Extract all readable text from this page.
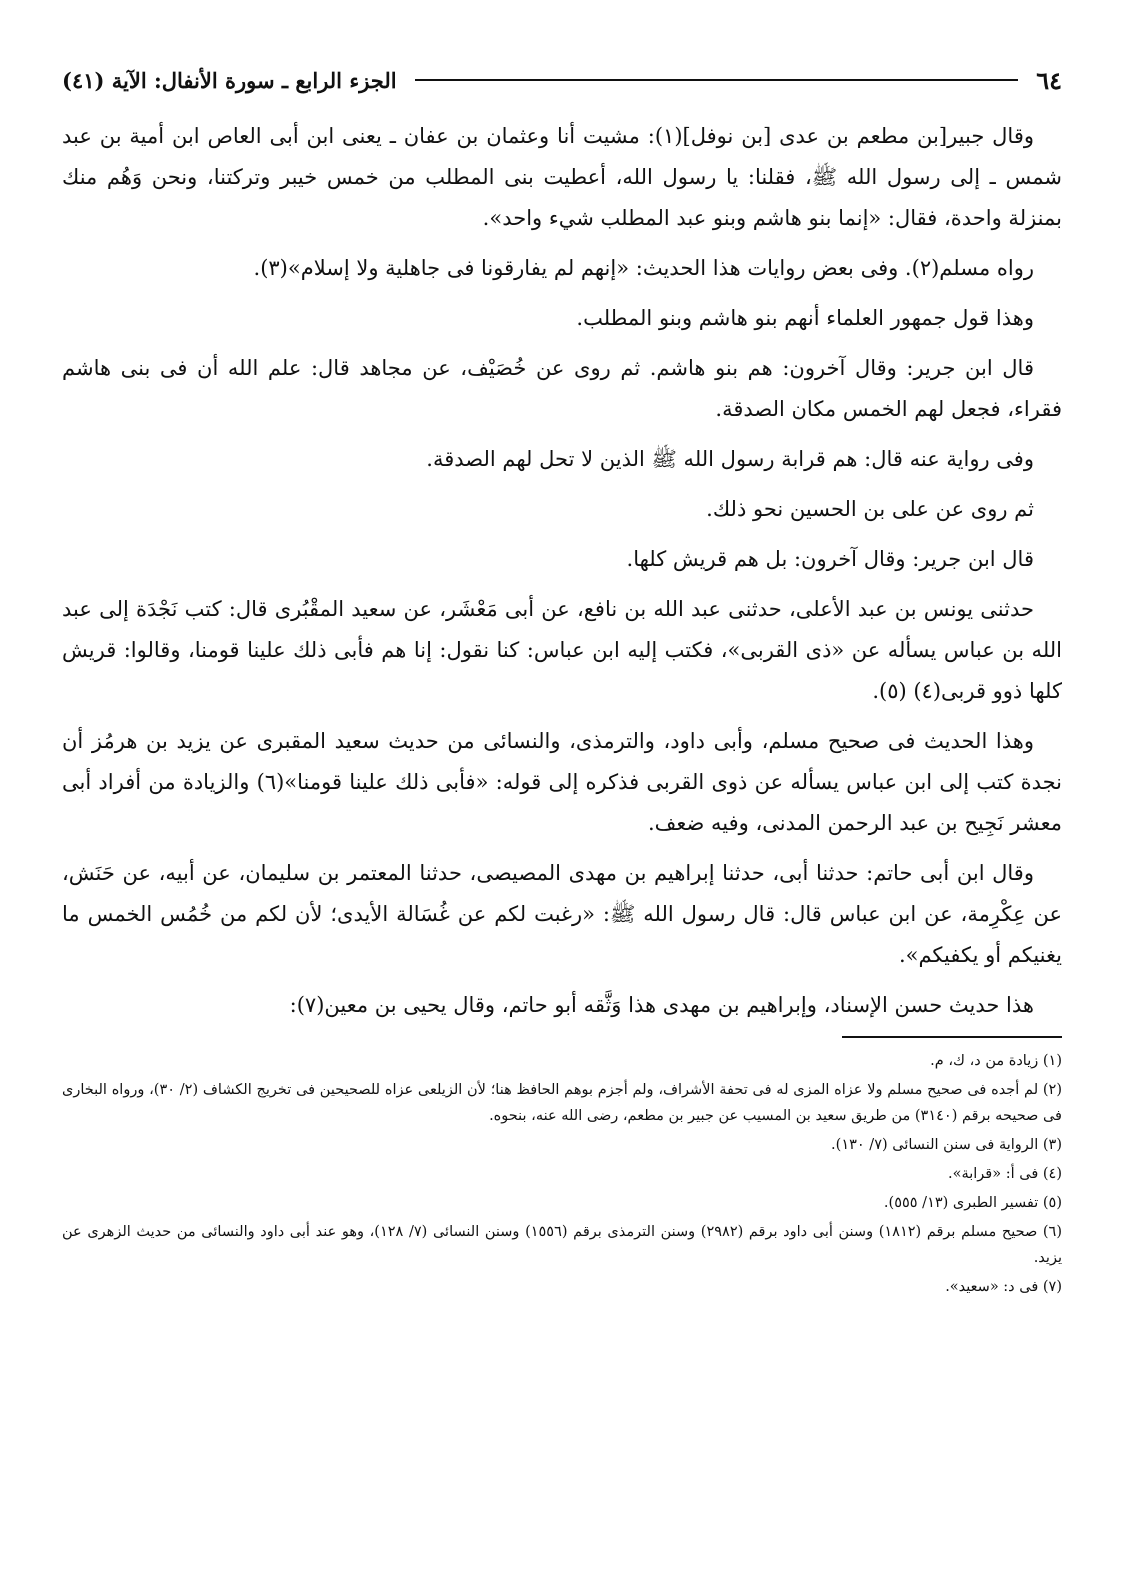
٦٤
الجزء الرابع ـ سورة الأنفال: الآية (٤١)

وقال جبير[بن مطعم بن عدى [بن نوفل](١): مشيت أنا وعثمان بن عفان ـ يعنى ابن أبى العاص ابن أمية بن عبد شمس ـ إلى رسول الله ﷺ، فقلنا: يا رسول الله، أعطيت بنى المطلب من خمس خيبر وتركتنا، ونحن وَهُم منك بمنزلة واحدة، فقال: «إنما بنو هاشم وبنو عبد المطلب شيء واحد».

رواه مسلم(٢). وفى بعض روايات هذا الحديث: «إنهم لم يفارقونا فى جاهلية ولا إسلام»(٣).

وهذا قول جمهور العلماء أنهم بنو هاشم وبنو المطلب.

قال ابن جرير: وقال آخرون: هم بنو هاشم. ثم روى عن خُصَيْف، عن مجاهد قال: علم الله أن فى بنى هاشم فقراء، فجعل لهم الخمس مكان الصدقة.

وفى رواية عنه قال: هم قرابة رسول الله ﷺ الذين لا تحل لهم الصدقة.

ثم روى عن على بن الحسين نحو ذلك.

قال ابن جرير: وقال آخرون: بل هم قريش كلها.

حدثنى يونس بن عبد الأعلى، حدثنى عبد الله بن نافع، عن أبى مَعْشَر، عن سعيد المقْبُرى قال: كتب نَجْدَة إلى عبد الله بن عباس يسأله عن «ذى القربى»، فكتب إليه ابن عباس: كنا نقول: إنا هم فأبى ذلك علينا قومنا، وقالوا: قريش كلها ذوو قربى(٤) (٥).

وهذا الحديث فى صحيح مسلم، وأبى داود، والترمذى، والنسائى من حديث سعيد المقبرى عن يزيد بن هرمُز أن نجدة كتب إلى ابن عباس يسأله عن ذوى القربى فذكره إلى قوله: «فأبى ذلك علينا قومنا»(٦) والزيادة من أفراد أبى معشر نَجِيح بن عبد الرحمن المدنى، وفيه ضعف.

وقال ابن أبى حاتم: حدثنا أبى، حدثنا إبراهيم بن مهدى المصيصى، حدثنا المعتمر بن سليمان، عن أبيه، عن حَنَش، عن عِكْرِمة، عن ابن عباس قال: قال رسول الله ﷺ: «رغبت لكم عن غُسَالة الأيدى؛ لأن لكم من خُمُس الخمس ما يغنيكم أو يكفيكم».

هذا حديث حسن الإسناد، وإبراهيم بن مهدى هذا وَثَّقه أبو حاتم، وقال يحيى بن معين(٧):

(١) زيادة من د، ك، م.

(٢) لم أجده فى صحيح مسلم ولا عزاه المزى له فى تحفة الأشراف، ولم أجزم بوهم الحافظ هنا؛ لأن الزيلعى عزاه للصحيحين فى تخريج الكشاف (٢/ ٣٠)، ورواه البخارى فى صحيحه برقم (٣١٤٠) من طريق سعيد بن المسيب عن جبير بن مطعم، رضى الله عنه، بنحوه.

(٣) الرواية فى سنن النسائى (٧/ ١٣٠).

(٤) فى أ: «قرابة».

(٥) تفسير الطبرى (١٣/ ٥٥٥).

(٦) صحيح مسلم برقم (١٨١٢) وسنن أبى داود برقم (٢٩٨٢) وسنن الترمذى برقم (١٥٥٦) وسنن النسائى (٧/ ١٢٨)، وهو عند أبى داود والنسائى من حديث الزهرى عن يزيد.

(٧) فى د: «سعيد».
